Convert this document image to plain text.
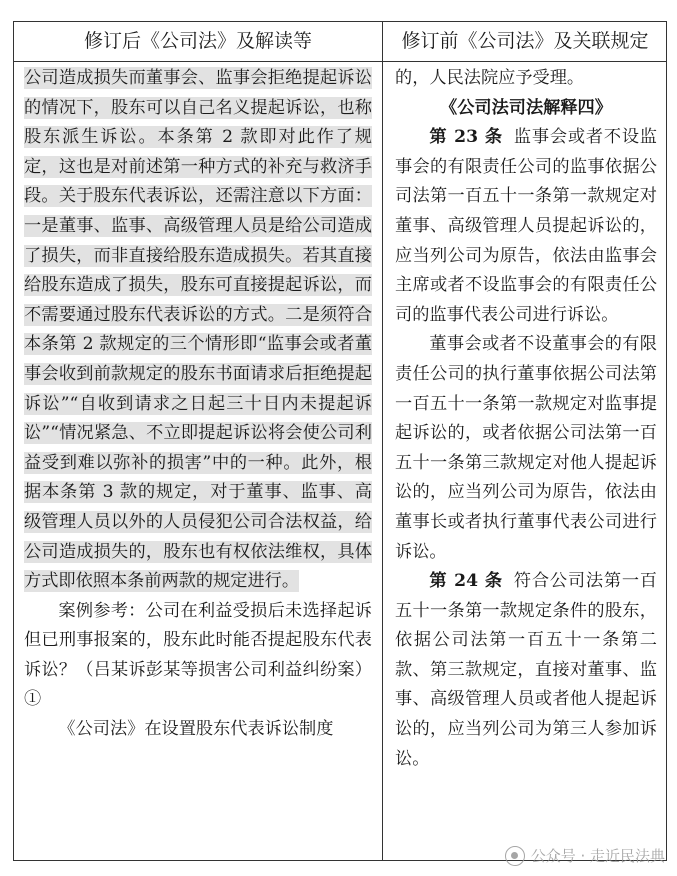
修订后《公司法》及解读等	修订前《公司法》及关联规定

公司造成损失而董事会、监事会拒绝提起诉讼的情况下，股东可以自己名义提起诉讼，也称股东派生诉讼。本条第 2 款即对此作了规定，这也是对前述第一种方式的补充与救济手段。关于股东代表诉讼，还需注意以下方面：一是董事、监事、高级管理人员是给公司造成了损失，而非直接给股东造成损失。若其直接给股东造成了损失，股东可直接提起诉讼，而不需要通过股东代表诉讼的方式。二是须符合本条第 2 款规定的三个情形即“监事会或者董事会收到前款规定的股东书面请求后拒绝提起诉讼”“自收到请求之日起三十日内未提起诉讼”“情况紧急、不立即提起诉讼将会使公司利益受到难以弥补的损害”中的一种。此外，根据本条第 3 款的规定，对于董事、监事、高级管理人员以外的人员侵犯公司合法权益，给公司造成损失的，股东也有权依法维权，具体方式即依照本条前两款的规定进行。

案例参考：公司在利益受损后未选择起诉但已刑事报案的，股东此时能否提起股东代表诉讼？（吕某诉彭某等损害公司利益纠纷案）①

《公司法》在设置股东代表诉讼制度

的，人民法院应予受理。

《公司法司法解释四》

第 23 条 监事会或者不设监事会的有限责任公司的监事依据公司法第一百五十一条第一款规定对董事、高级管理人员提起诉讼的，应当列公司为原告，依法由监事会主席或者不设监事会的有限责任公司的监事代表公司进行诉讼。

董事会或者不设董事会的有限责任公司的执行董事依据公司法第一百五十一条第一款规定对监事提起诉讼的，或者依据公司法第一百五十一条第三款规定对他人提起诉讼的，应当列公司为原告，依法由董事长或者执行董事代表公司进行诉讼。

第 24 条 符合公司法第一百五十一条第一款规定条件的股东，依据公司法第一百五十一条第二款、第三款规定，直接对董事、监事、高级管理人员或者他人提起诉讼的，应当列公司为第三人参加诉讼。

公众号 · 走近民法典
